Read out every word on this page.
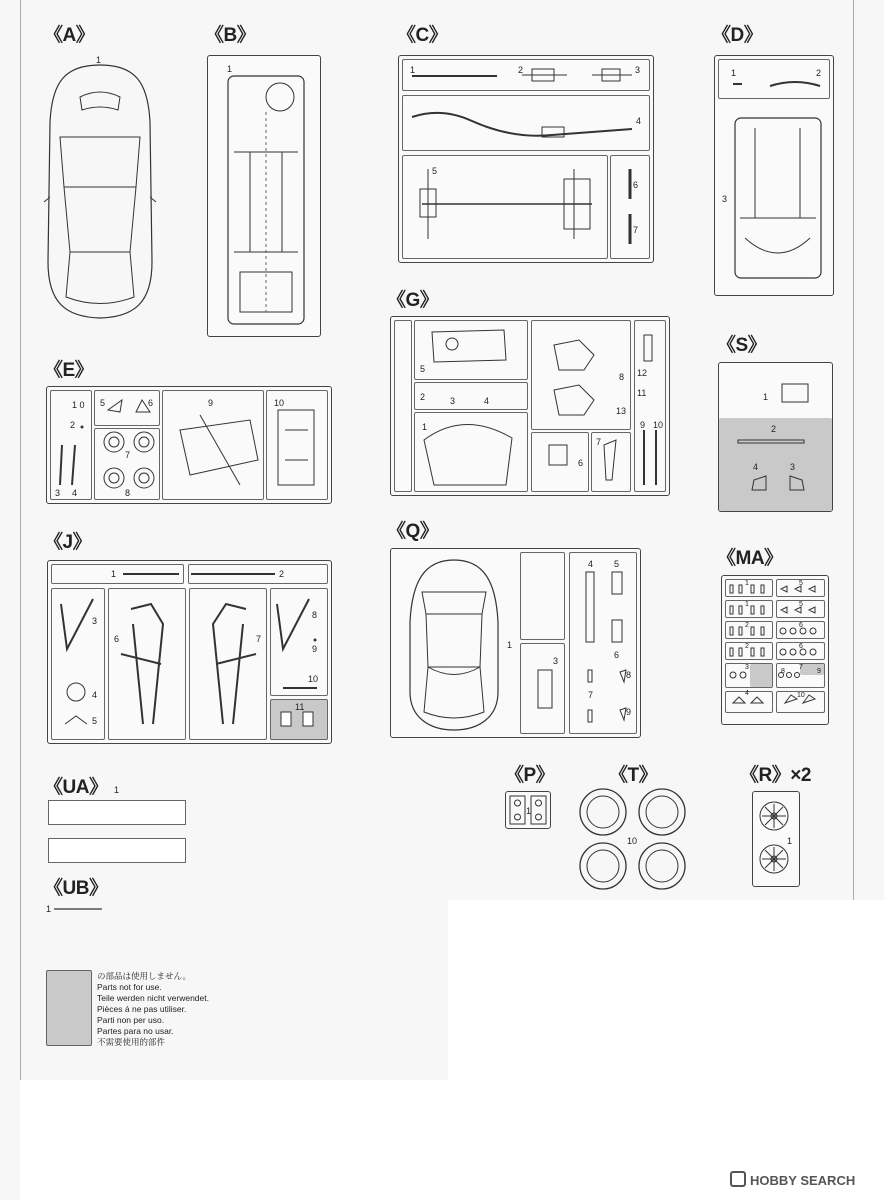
《A》	《B》	《C》	《D》
《E》
《G》
《S》
《J》
《Q》
《MA》
《UA》
《UB》
《P》	《T》	《R》×2
1
1	1	2	3
4
5
6
7
1	2
3
1 0
2
3 4
5	6
7
8
9	10
5
2	3	4
1
12
8
11
13
6
7
9 10
1
2
4	3
1	2
3
6	7
8
9
10
4
5
11
1
3
4 5
6
7
8
9
1	5
1	5
2	6
2	6
3	7
8	9
4	10
1
1
の部品は使用しません。
Parts not for use.
Teile werden nicht verwendet.
Pièces á ne pas utiliser.
Parti non per uso.
Partes para no usar.
不需要使用的部件
1
10	1
HOBBY SEARCH
